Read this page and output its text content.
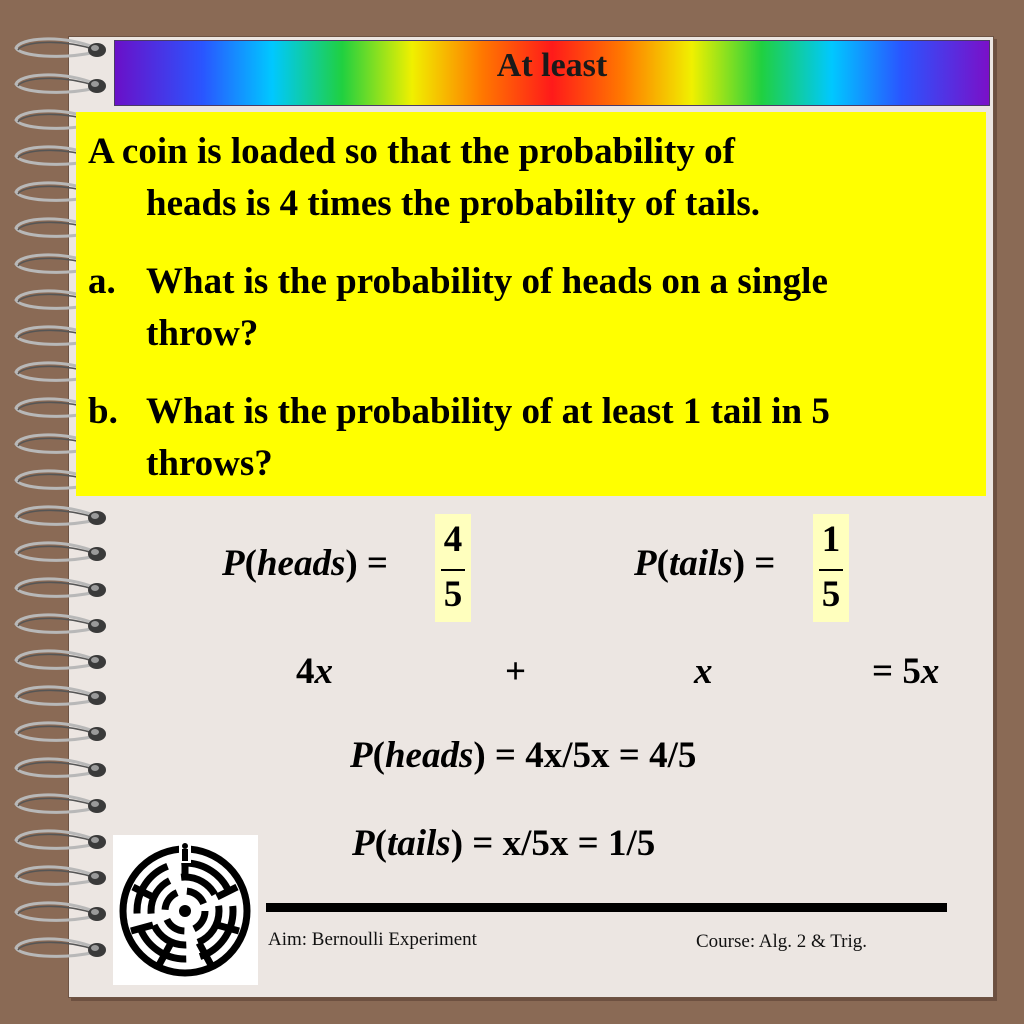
At least
A coin is loaded so that the probability of
heads is 4 times the probability of tails.
a. What is the probability of heads on a single
throw?
b. What is the probability of at least 1 tail in 5
throws?
P(heads) =
4
5
P(tails) =
1
5
4x	+	x	= 5x
P(heads) = 4x/5x = 4/5
P(tails) = x/5x = 1/5
Aim: Bernoulli Experiment	Course: Alg. 2 & Trig.
